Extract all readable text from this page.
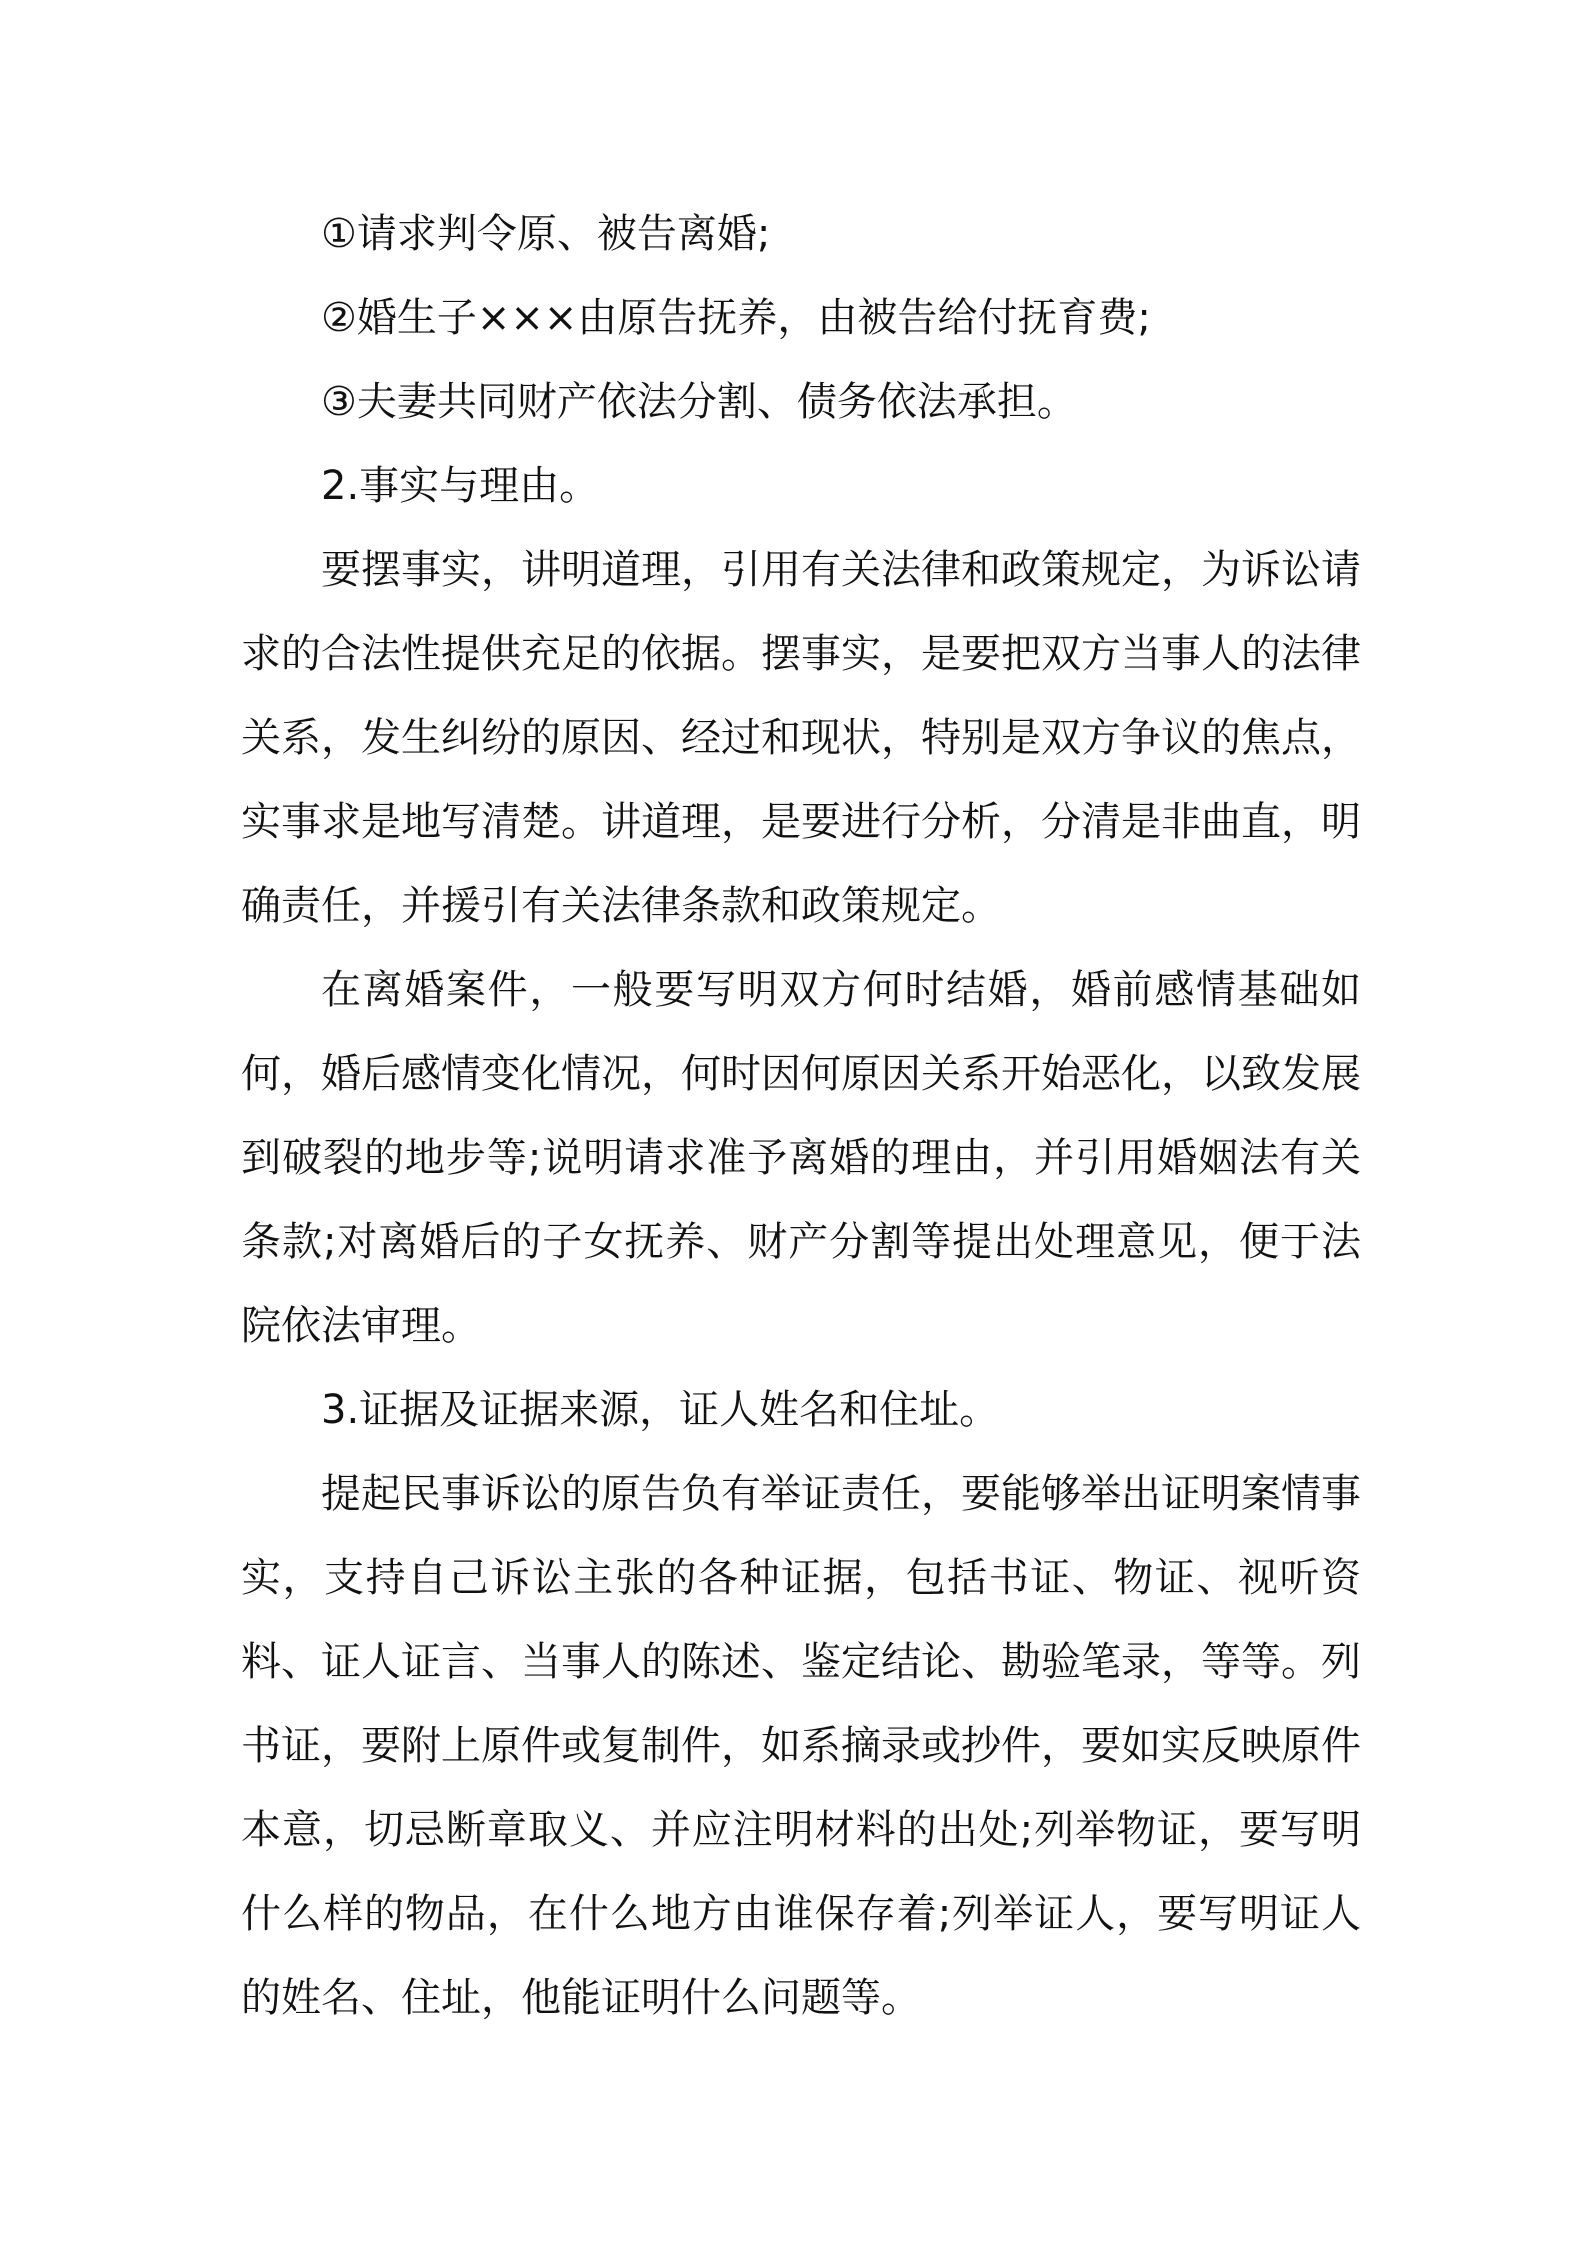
①请求判令原、被告离婚;

②婚生子×××由原告抚养，由被告给付抚育费;

③夫妻共同财产依法分割、债务依法承担。

2.事实与理由。

要摆事实，讲明道理，引用有关法律和政策规定，为诉讼请求的合法性提供充足的依据。摆事实，是要把双方当事人的法律关系，发生纠纷的原因、经过和现状，特别是双方争议的焦点，实事求是地写清楚。讲道理，是要进行分析，分清是非曲直，明确责任，并援引有关法律条款和政策规定。

在离婚案件，一般要写明双方何时结婚，婚前感情基础如何，婚后感情变化情况，何时因何原因关系开始恶化，以致发展到破裂的地步等;说明请求准予离婚的理由，并引用婚姻法有关条款;对离婚后的子女抚养、财产分割等提出处理意见，便于法院依法审理。

3.证据及证据来源，证人姓名和住址。

提起民事诉讼的原告负有举证责任，要能够举出证明案情事实，支持自己诉讼主张的各种证据，包括书证、物证、视听资料、证人证言、当事人的陈述、鉴定结论、勘验笔录，等等。列书证，要附上原件或复制件，如系摘录或抄件，要如实反映原件本意，切忌断章取义、并应注明材料的出处;列举物证，要写明什么样的物品，在什么地方由谁保存着;列举证人，要写明证人的姓名、住址，他能证明什么问题等。
